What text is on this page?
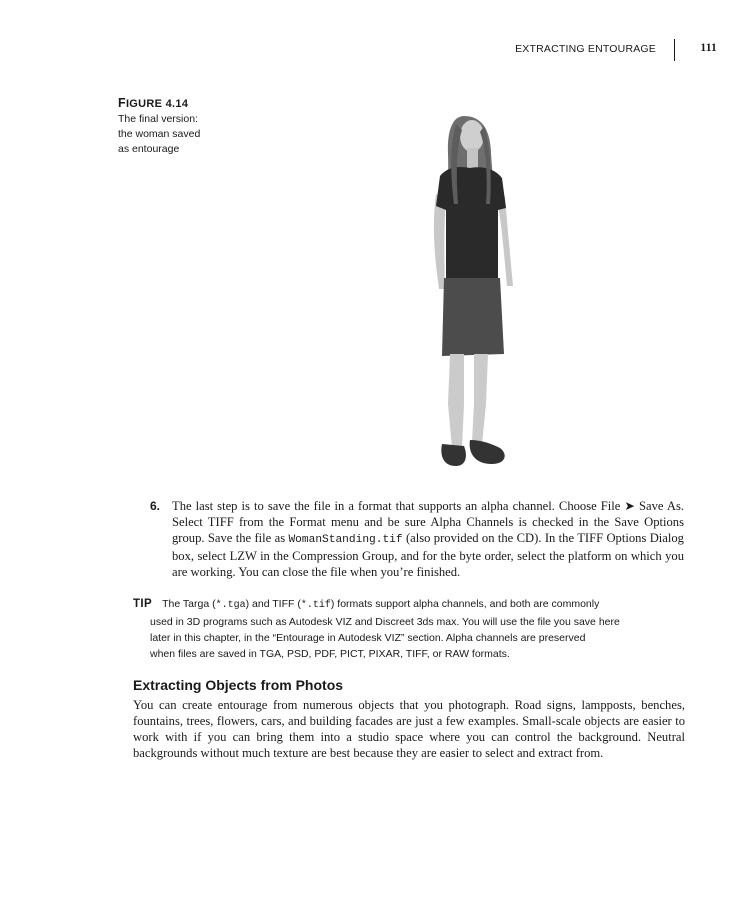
EXTRACTING ENTOURAGE	111
FIGURE 4.14
The final version:
the woman saved
as entourage
6. The last step is to save the file in a format that supports an alpha channel. Choose File ➤ Save As. Select TIFF from the Format menu and be sure Alpha Channels is checked in the Save Options group. Save the file as WomanStanding.tif (also provided on the CD). In the TIFF Options Dialog box, select LZW in the Compression Group, and for the byte order, select the platform on which you are working. You can close the file when you’re finished.
TIP The Targa (*.tga) and TIFF (*.tif) formats support alpha channels, and both are commonly
used in 3D programs such as Autodesk VIZ and Discreet 3ds max. You will use the file you save here
later in this chapter, in the “Entourage in Autodesk VIZ” section. Alpha channels are preserved
when files are saved in TGA, PSD, PDF, PICT, PIXAR, TIFF, or RAW formats.
Extracting Objects from Photos

You can create entourage from numerous objects that you photograph. Road signs, lampposts, benches, fountains, trees, flowers, cars, and building facades are just a few examples. Small-scale objects are easier to work with if you can bring them into a studio space where you can control the background. Neutral backgrounds without much texture are best because they are easier to select and extract from.
